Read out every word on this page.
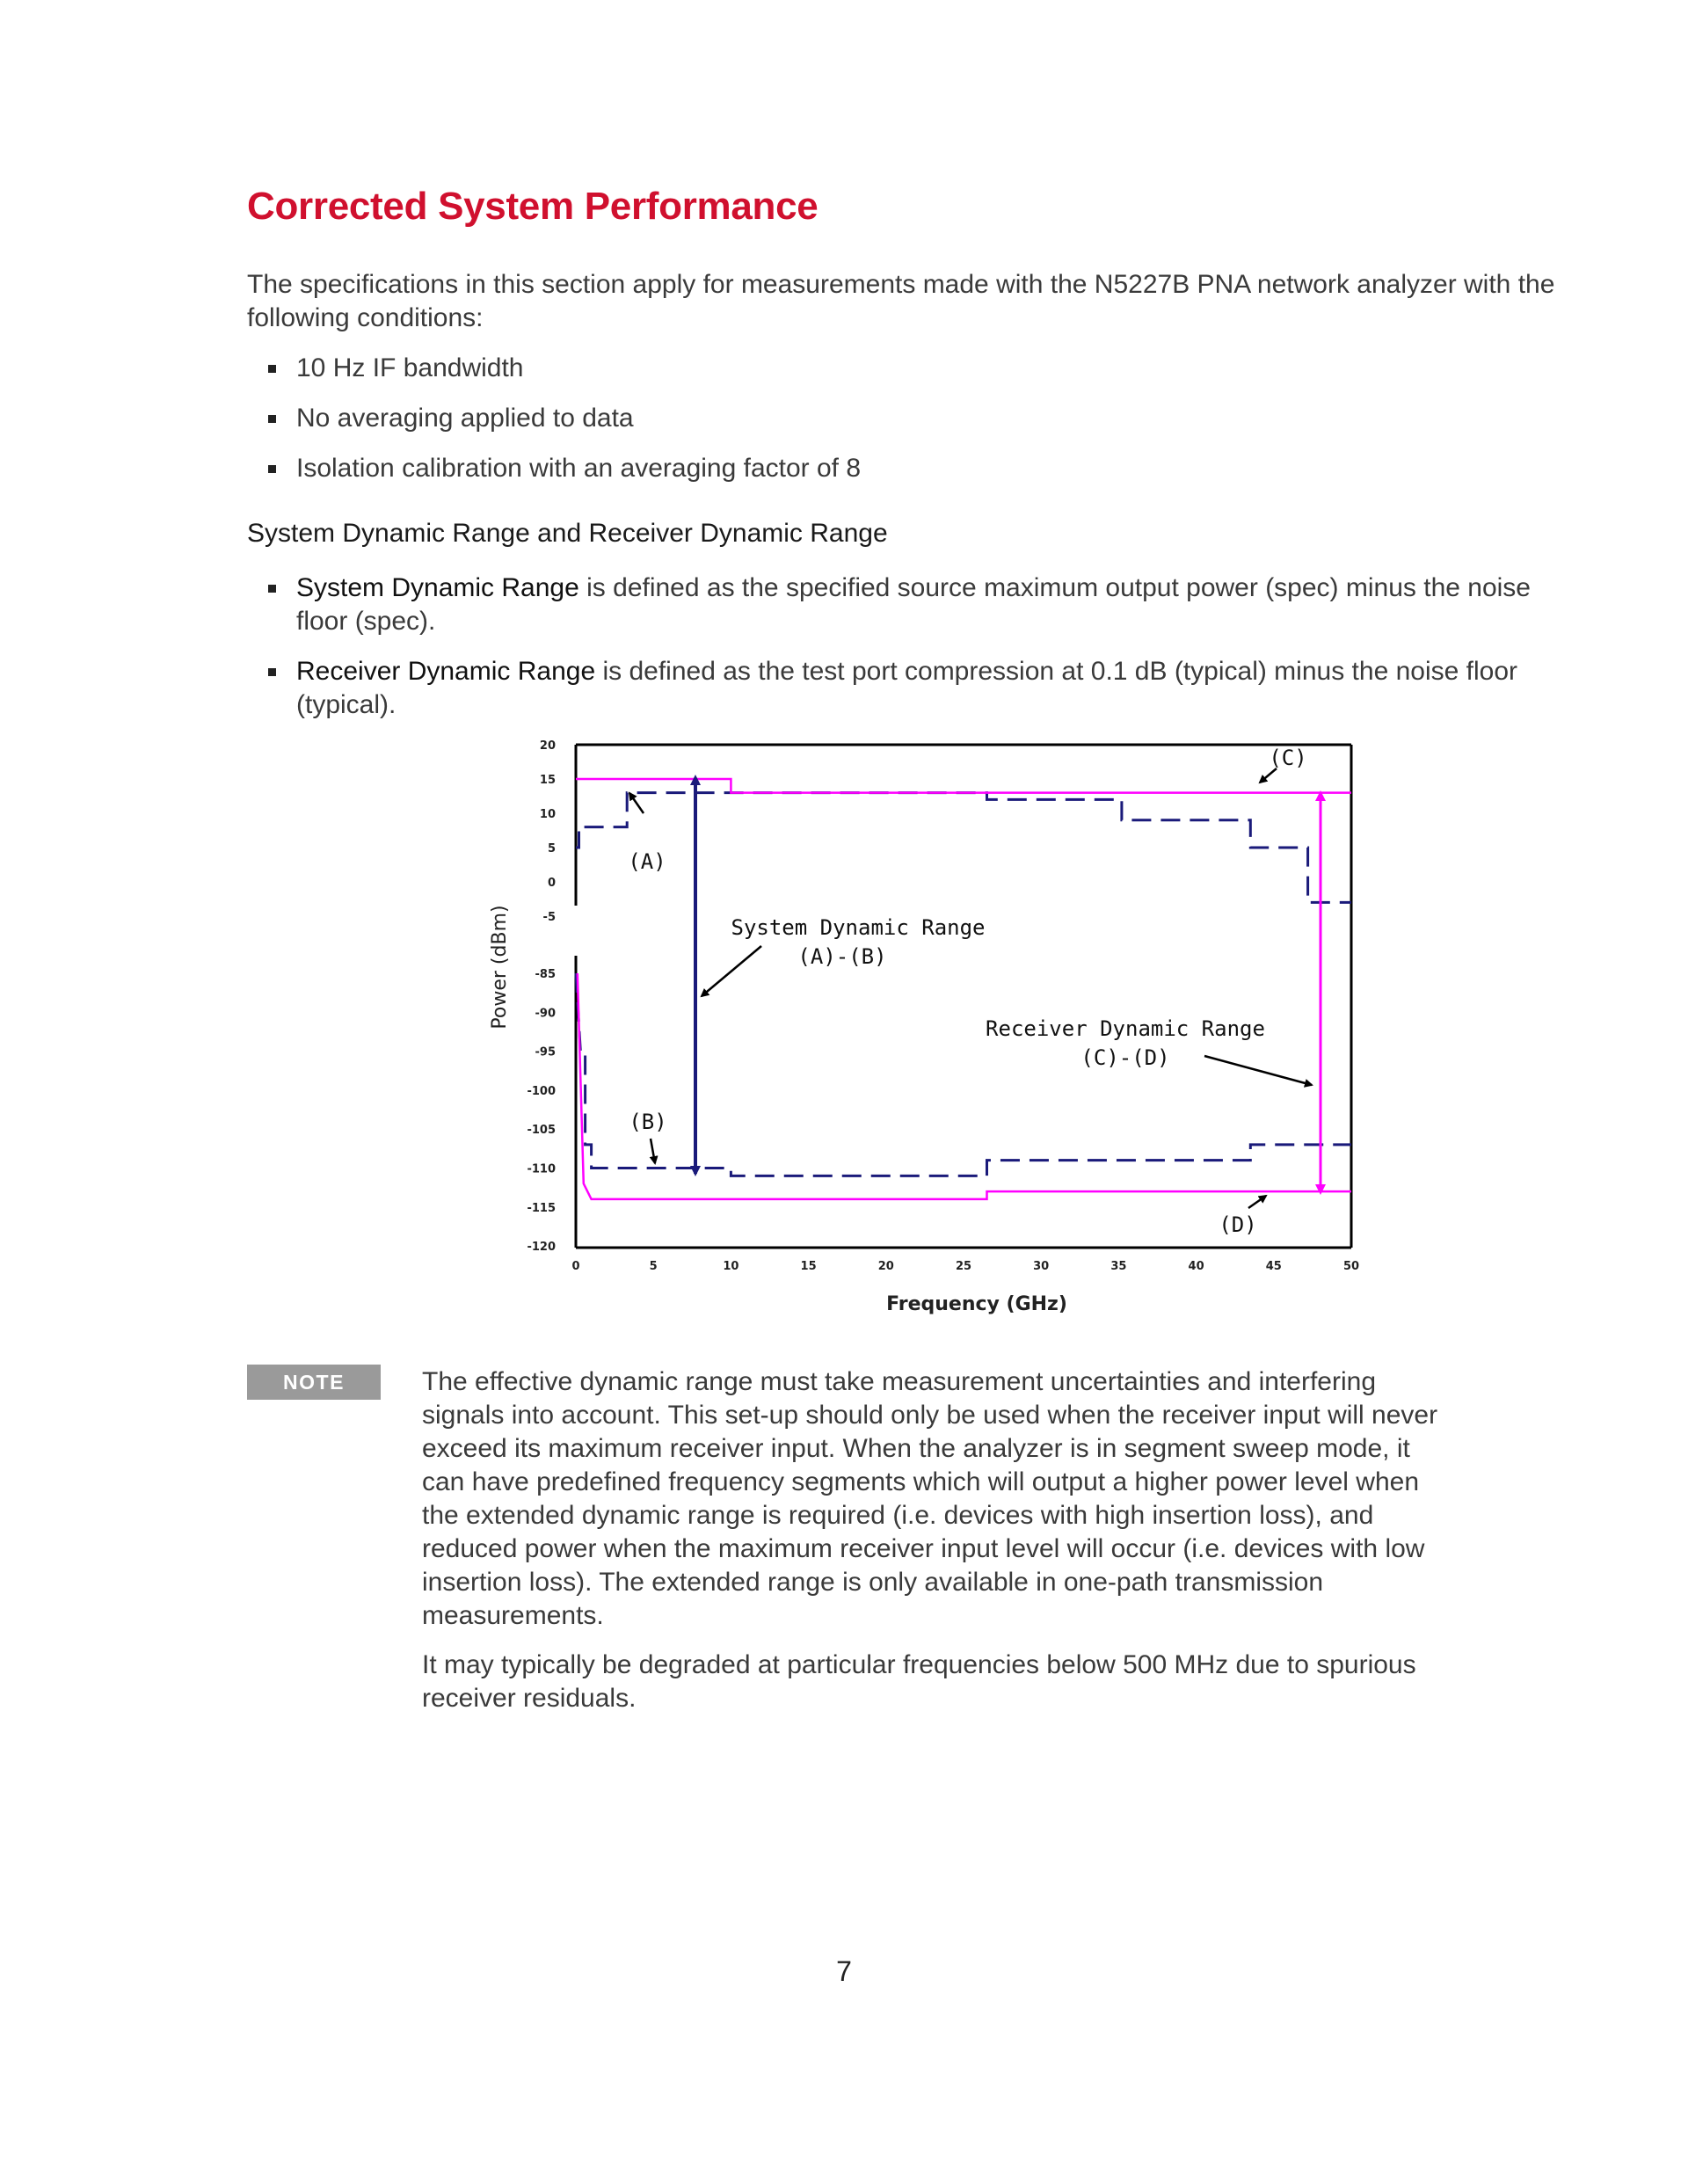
Corrected System Performance

The specifications in this section apply for measurements made with the N5227B PNA network analyzer with the following conditions:

10 Hz IF bandwidth
No averaging applied to data
Isolation calibration with an averaging factor of 8
System Dynamic Range and Receiver Dynamic Range
System Dynamic Range is defined as the specified source maximum output power (spec) minus the noise floor (spec).
Receiver Dynamic Range is defined as the test port compression at 0.1 dB (typical) minus the noise floor (typical).
20
15
10
5
0
-5
-85
-90
-95
-100
-105
-110
-115
-120
0	5	10	15	20	25	30	35	40	45	50
Frequency (GHz)
Power (dBm)
(A)
(B)
(C)
(D)
System Dynamic Range
(A)-(B)
Receiver Dynamic Range
(C)-(D)
NOTE	The effective dynamic range must take measurement uncertainties and interfering signals into account. This set-up should only be used when the receiver input will never exceed its maximum receiver input. When the analyzer is in segment sweep mode, it can have predefined frequency segments which will output a higher power level when the extended dynamic range is required (i.e. devices with high insertion loss), and reduced power when the maximum receiver input level will occur (i.e. devices with low insertion loss). The extended range is only available in one-path transmission measurements.

It may typically be degraded at particular frequencies below 500 MHz due to spurious receiver residuals.

7
